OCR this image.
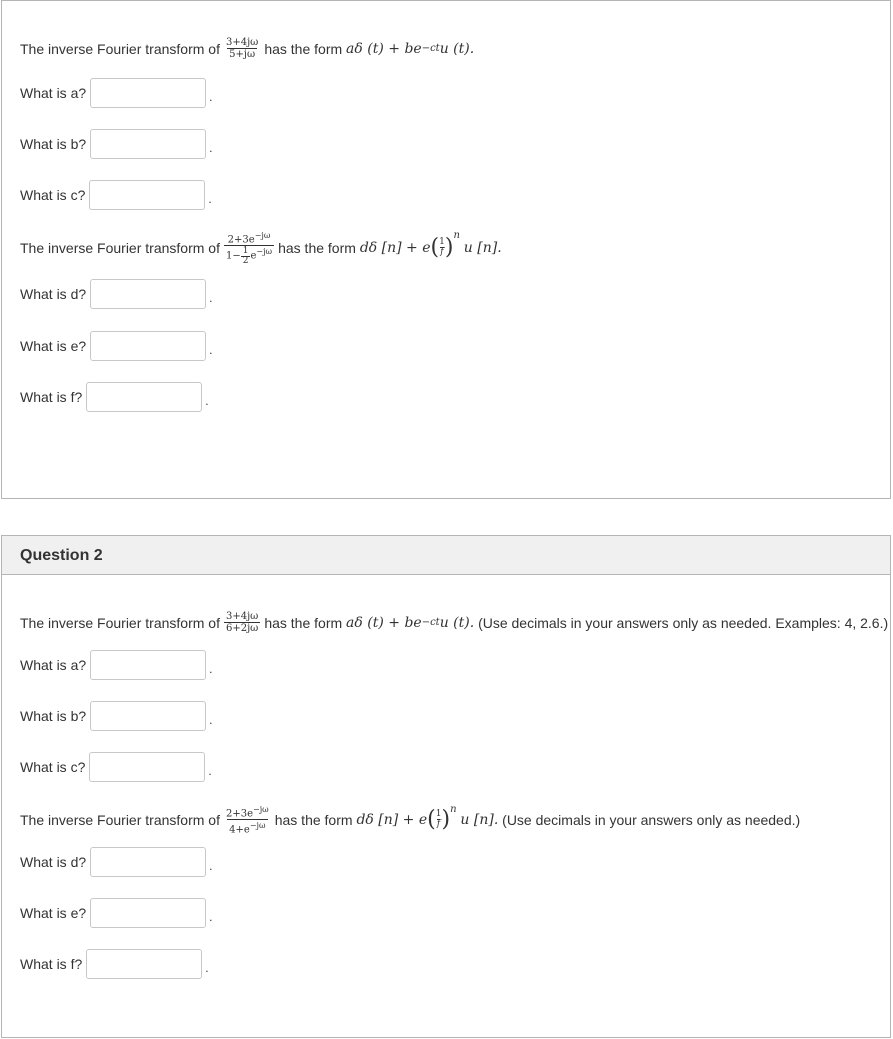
The inverse Fourier transform of $\frac{3+4j\omega}{5+j\omega}$ has the form
aδ (t) + be −ct u (t).
What is a?	.
What is b?	.
What is c?	.
The inverse Fourier transform of $\frac{2+3e^{-j\omega}}{1- \frac{1}{2} e^{-j\omega}}$ has the form
dδ [n] + e ( $\frac{1}{f} )^n$

u [n].
What is d?	.
What is e?	.
What is f?	.
Question 2
The inverse Fourier transform of $\frac{3+4j\omega}{6+2j\omega}$ has the form
aδ (t) + be −ct u (t).
(Use decimals in your answers only as needed. Examples: 4, 2.6.)
What is a?	.
What is b?	.
What is c?	.
The inverse Fourier transform of $\frac{2+3e^{-j\omega}}{4+e^{-j\omega}}$ has the form
dδ [n] + e ( $\frac{1}{f} )^n$

u [n].
(Use decimals in your answers only as needed.)
What is d?	.
What is e?	.
What is f?	.
